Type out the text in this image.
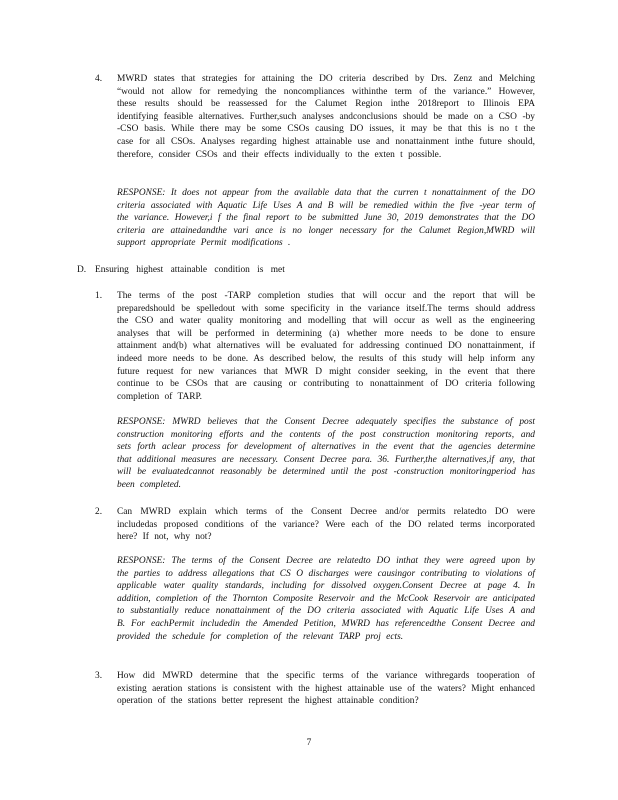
4. MWRD states that strategies for attaining the DO criteria described by Drs. Zenz and Melching “would not allow for remedying the noncompliances withinthe term of the variance.” However, these results should be reassessed for the Calumet Region inthe 2018report to Illinois EPA identifying feasible alternatives. Further,such analyses andconclusions should be made on a CSO -by -CSO basis. While there may be some CSOs causing DO issues, it may be that this is no t the case for all CSOs. Analyses regarding highest attainable use and nonattainment inthe future should, therefore, consider CSOs and their effects individually to the exten t possible.
RESPONSE: It does not appear from the available data that the curren t nonattainment of the DO criteria associated with Aquatic Life Uses A and B will be remedied within the five -year term of the variance. However,i f the final report to be submitted June 30, 2019 demonstrates that the DO criteria are attainedandthe vari ance is no longer necessary for the Calumet Region,MWRD will support appropriate Permit modifications .
D. Ensuring highest attainable condition is met
1. The terms of the post -TARP completion studies that will occur and the report that will be preparedshould be spelledout with some specificity in the variance itself.The terms should address the CSO and water quality monitoring and modelling that will occur as well as the engineering analyses that will be performed in determining (a) whether more needs to be done to ensure attainment and(b) what alternatives will be evaluated for addressing continued DO nonattainment, if indeed more needs to be done. As described below, the results of this study will help inform any future request for new variances that MWR D might consider seeking, in the event that there continue to be CSOs that are causing or contributing to nonattainment of DO criteria following completion of TARP.
RESPONSE: MWRD believes that the Consent Decree adequately specifies the substance of post construction monitoring efforts and the contents of the post construction monitoring reports, and sets forth aclear process for development of alternatives in the event that the agencies determine that additional measures are necessary. Consent Decree para. 36. Further,the alternatives,if any, that will be evaluatedcannot reasonably be determined until the post -construction monitoringperiod has been completed.
2. Can MWRD explain which terms of the Consent Decree and/or permits relatedto DO were includedas proposed conditions of the variance? Were each of the DO related terms incorporated here? If not, why not?
RESPONSE: The terms of the Consent Decree are relatedto DO inthat they were agreed upon by the parties to address allegations that CS O discharges were causingor contributing to violations of applicable water quality standards, including for dissolved oxygen.Consent Decree at page 4. In addition, completion of the Thornton Composite Reservoir and the McCook Reservoir are anticipated to substantially reduce nonattainment of the DO criteria associated with Aquatic Life Uses A and B. For eachPermit includedin the Amended Petition, MWRD has referencedthe Consent Decree and provided the schedule for completion of the relevant TARP proj ects.
3. How did MWRD determine that the specific terms of the variance withregards tooperation of existing aeration stations is consistent with the highest attainable use of the waters? Might enhanced operation of the stations better represent the highest attainable condition?
7
